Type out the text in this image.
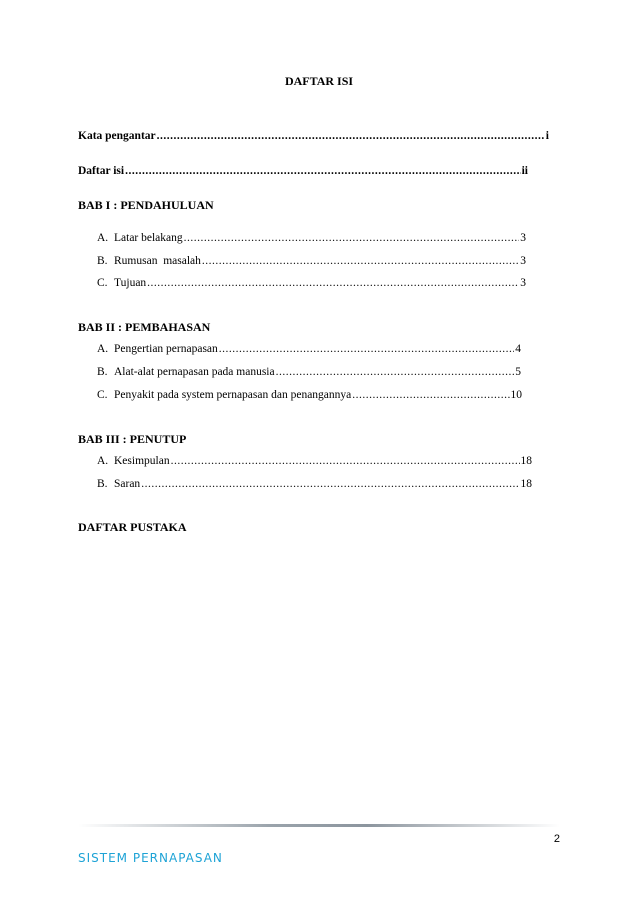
DAFTAR ISI
Kata pengantar .....	i
Daftar isi .....	ii
BAB I : PENDAHULUAN
A. Latar belakang .....	3
B. Rumusan  masalah .....	3
C. Tujuan .....	3
BAB II : PEMBAHASAN
A. Pengertian pernapasan .....	4
B. Alat-alat pernapasan pada manusia .....	5
C. Penyakit pada system pernapasan dan penangannya .....	10
BAB III : PENUTUP
A. Kesimpulan .....	18
B. Saran .....	18
DAFTAR PUSTAKA
2
SISTEM PERNAPASAN
